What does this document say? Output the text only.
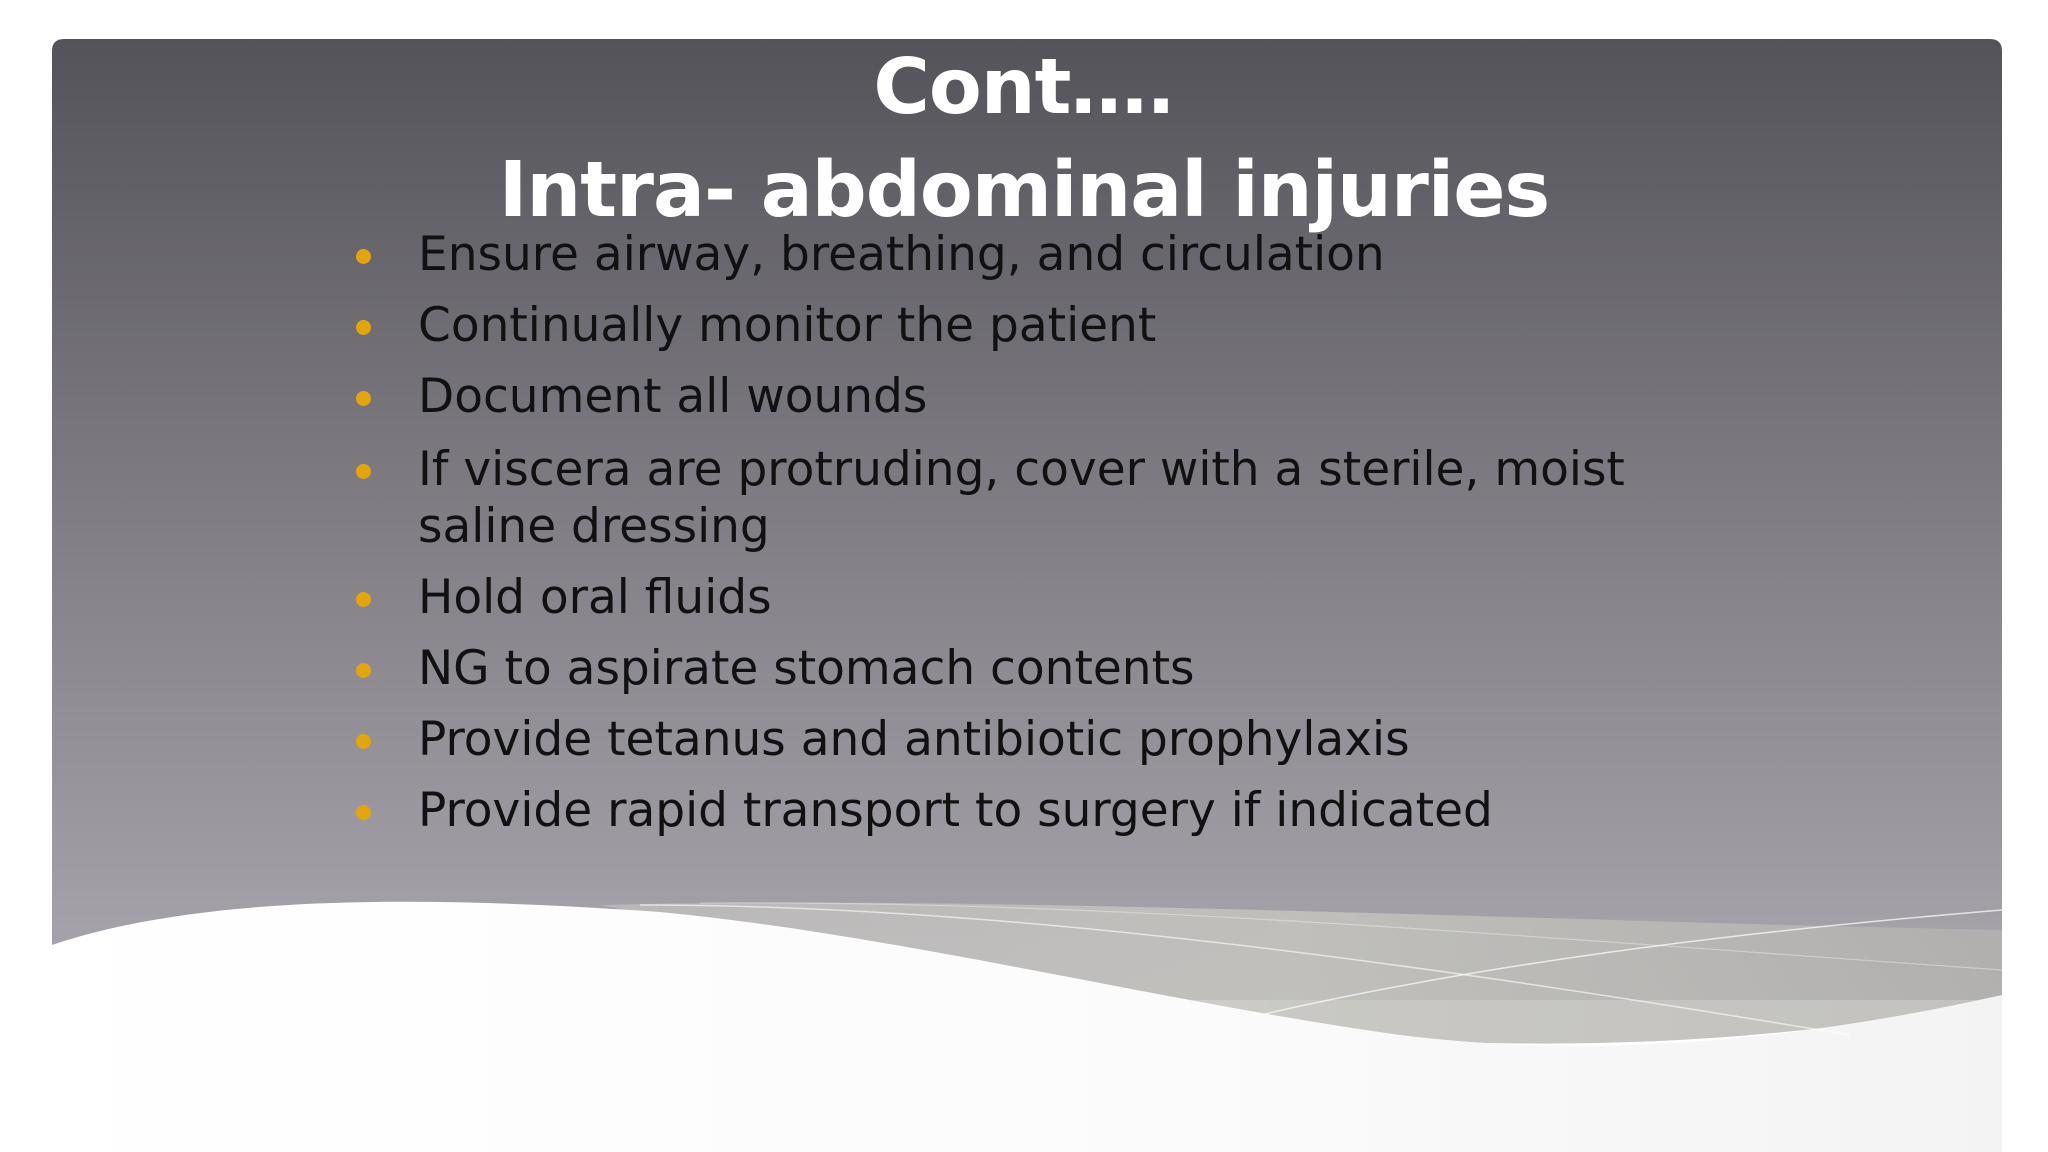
Cont….
Intra- abdominal injuries
Ensure airway, breathing, and circulation
Continually monitor the patient
Document all wounds
If viscera are protruding, cover with a sterile, moist saline dressing
Hold oral fluids
NG to aspirate stomach contents
Provide tetanus and antibiotic prophylaxis
Provide rapid transport to surgery if indicated
